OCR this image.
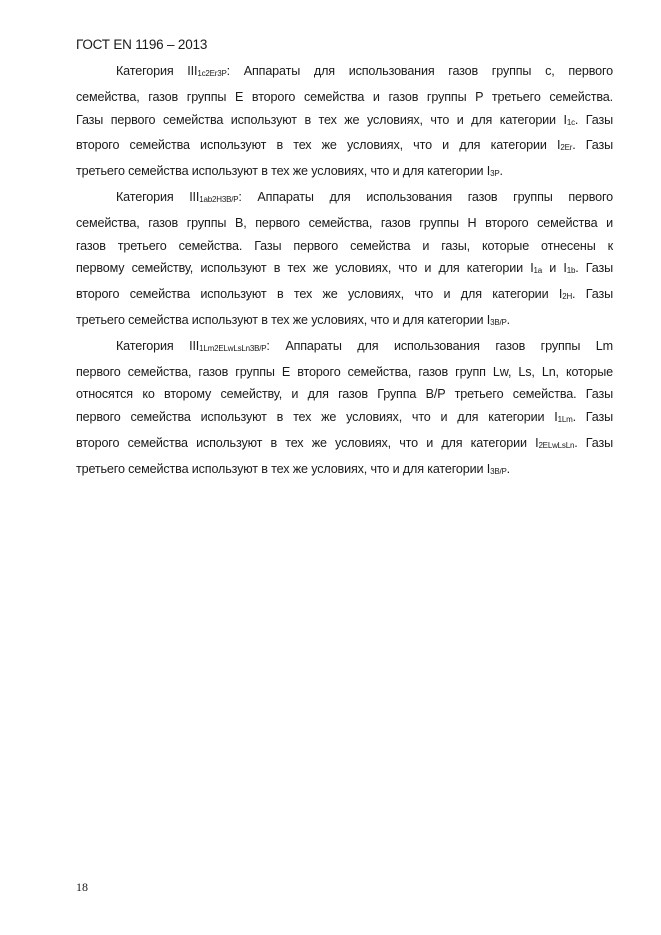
ГОСТ EN 1196 – 2013
Категория $III_{1c2Er3P}$: Аппараты для использования газов группы c, первого
семейства, газов группы E второго семейства и газов группы P третьего семейства.
Газы первого семейства используют в тех же условиях, что и для категории $I_{1c}$. Газы
второго семейства используют в тех же условиях, что и для категории $I_{2Er}$. Газы
третьего семейства используют в тех же условиях, что и для категории $I_{3P}$.
Категория $III_{1ab2H3B/P}$: Аппараты для использования газов группы первого
семейства, газов группы B, первого семейства, газов группы H второго семейства и
газов третьего семейства. Газы первого семейства и газы, которые отнесены к
первому семейству, используют в тех же условиях, что и для категории $I_{1a}$ и $I_{1b}$. Газы
второго семейства используют в тех же условиях, что и для категории $I_{2H}$. Газы
третьего семейства используют в тех же условиях, что и для категории $I_{3B/P}$.
Категория $III_{1Lm2ELwLsLn3B/P}$: Аппараты для использования газов группы Lm
первого семейства, газов группы E второго семейства, газов групп Lw, Ls, Ln, которые
относятся ко второму семейству, и для газов Группа B/P третьего семейства. Газы
первого семейства используют в тех же условиях, что и для категории $I_{1Lm}$. Газы
второго семейства используют в тех же условиях, что и для категории $I_{2ELwLsLn}$. Газы
третьего семейства используют в тех же условиях, что и для категории $I_{3B/P}$.
18
